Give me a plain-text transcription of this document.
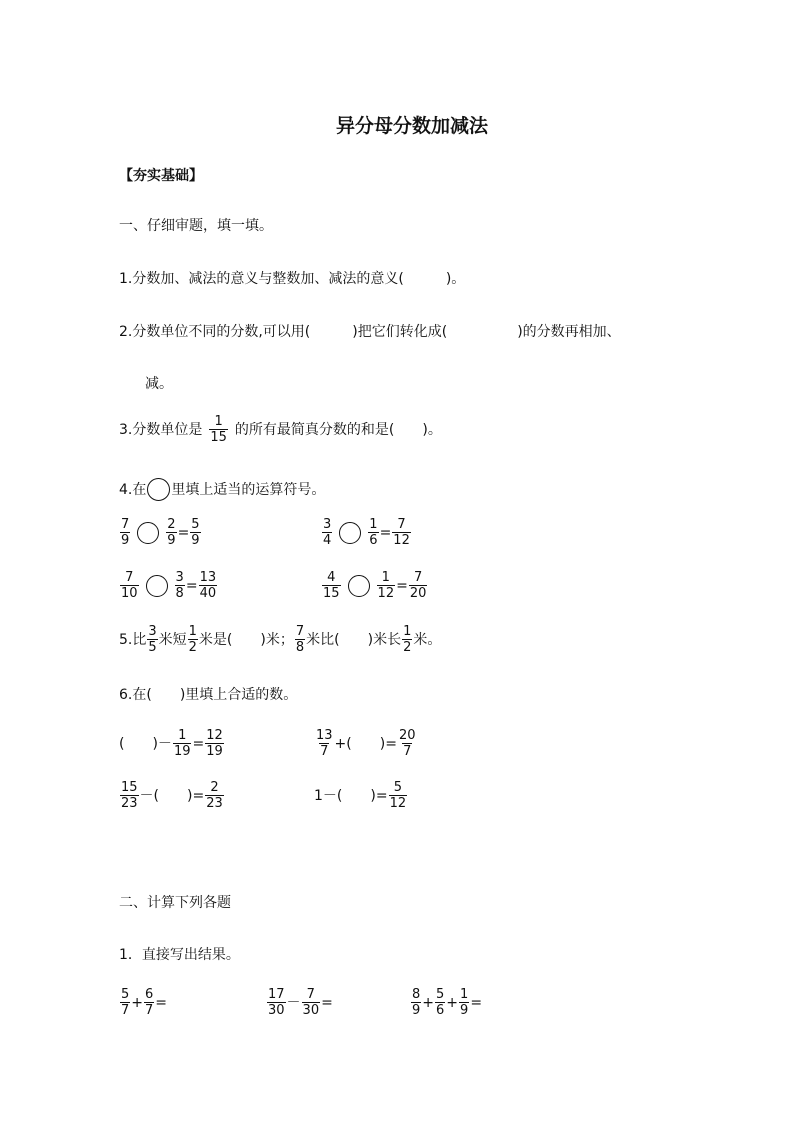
异分母分数加减法
【夯实基础】
一、仔细审题，填一填。
1.分数加、减法的意义与整数加、减法的意义(　　　)。
2.分数单位不同的分数,可以用(　　　)把它们转化成(　　　　　)的分数再相加、
减。
3.分数单位是 $\frac{1}{15}$ 的所有最简真分数的和是(　　)。
4.在 里填上适当的运算符号。
$\frac{7}{9}$	$\frac{2}{9} = \frac{5}{9}$	$\frac{3}{4}$	$\frac{1}{6} = \frac{7}{12}$
$\frac{7}{10}$	$\frac{3}{8} = \frac{13}{40}$	$\frac{4}{15}$	$\frac{1}{12} = \frac{7}{20}$
5.比 $\frac{3}{5}$ 米短 $\frac{1}{2}$ 米是(　　)米； $\frac{7}{8}$ 米比(　　)米长 $\frac{1}{2}$ 米。
6.在(　　)里填上合适的数。
(　　)－ $\frac{1}{19} = \frac{12}{19}$	$\frac{13}{7}$ +(　　)= $\frac{20}{7}$
$\frac{15}{23}$ －(　　)= $\frac{2}{23}$	1－(　　)= $\frac{5}{12}$
二、计算下列各题
1．直接写出结果。
$\frac{5}{7} + \frac{6}{7}$ =	$\frac{17}{30} - \frac{7}{30}$ =	$\frac{8}{9} + \frac{5}{6} + \frac{1}{9}$ =
